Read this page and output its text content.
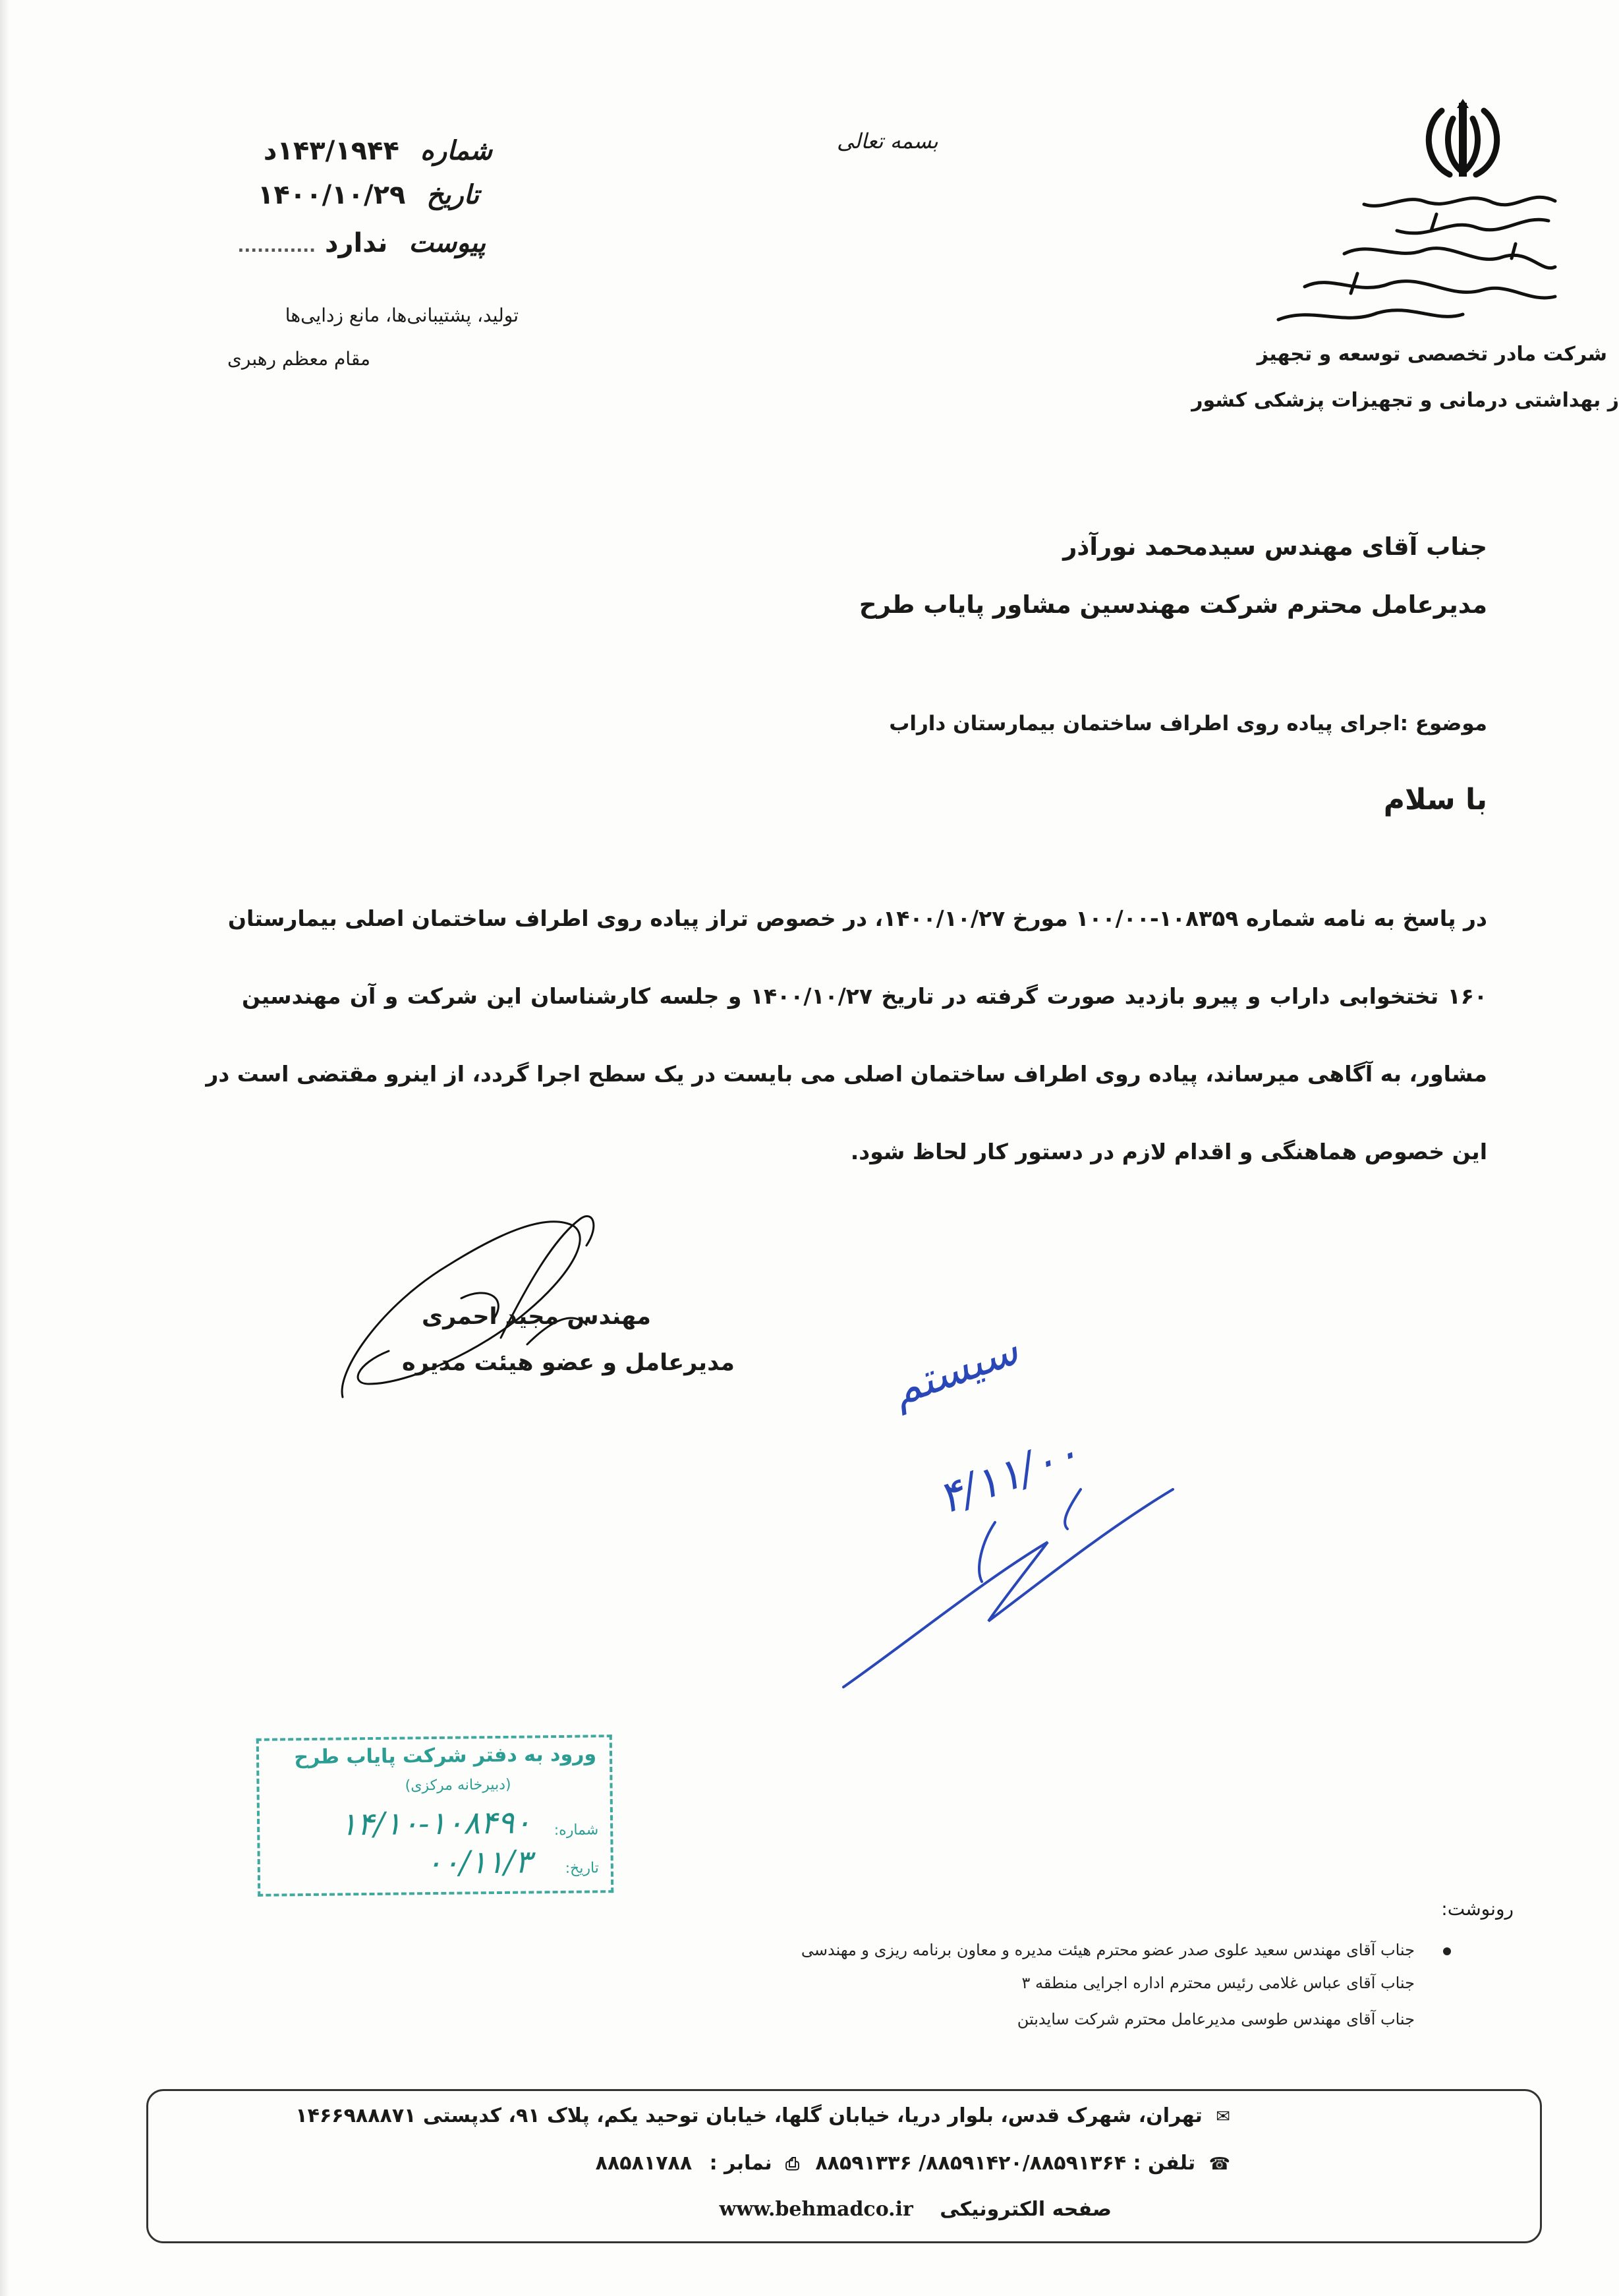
شرکت مادر تخصصی توسعه و تجهیز
ز بهداشتی درمانی و تجهیزات پزشکی کشور
شماره ۱۴۳/۱۹۴۴د
تاریخ ۱۴۰۰/۱۰/۲۹
پیوست ندارد ............
بسمه تعالی
تولید، پشتیبانی‌ها، مانع زدایی‌ها
مقام معظم رهبری
جناب آقای مهندس سیدمحمد نورآذر
مدیرعامل محترم شرکت مهندسین مشاور پایاب طرح
موضوع :اجرای پیاده روی اطراف ساختمان بیمارستان داراب
با سلام
در پاسخ به نامه شماره ۱۰۸۳۵۹-۱۰۰/۰۰ مورخ ۱۴۰۰/۱۰/۲۷، در خصوص تراز پیاده روی اطراف ساختمان اصلی بیمارستان
۱۶۰ تختخوابی داراب و پیرو بازدید صورت گرفته در تاریخ ۱۴۰۰/۱۰/۲۷ و جلسه کارشناسان این شرکت و آن مهندسین
مشاور، به آگاهی میرساند، پیاده روی اطراف ساختمان اصلی می بایست در یک سطح اجرا گردد، از اینرو مقتضی است در
این خصوص هماهنگی و اقدام لازم در دستور کار لحاظ شود.
مهندس مجید احمری
مدیرعامل و عضو هیئت مدیره	سیستم
۴/۱۱/۰۰
ورود به دفتر شرکت پایاب طرح
(دبیرخانه مرکزی)
شماره:
۱۴/۱۰-۱۰۸۴۹۰
تاریخ:
۰۰/۱۱/۳
رونوشت:
جناب آقای مهندس سعید علوی صدر عضو محترم هیئت مدیره و معاون برنامه ریزی و مهندسی
جناب آقای عباس غلامی رئیس محترم اداره اجرایی منطقه ۳
جناب آقای مهندس طوسی مدیرعامل محترم شرکت سایدبتن
✉ تهران، شهرک قدس، بلوار دریا، خیابان گلها، خیابان توحید یکم، پلاک ۹۱، کدپستی ۱۴۶۶۹۸۸۸۷۱
☎ تلفن : ۸۸۵۹۱۴۲۰/۸۸۵۹۱۳۶۴/ ۸۸۵۹۱۳۳۶ ⎙ نمابر : ۸۸۵۸۱۷۸۸
صفحه الکترونیکی www.behmadco.ir
